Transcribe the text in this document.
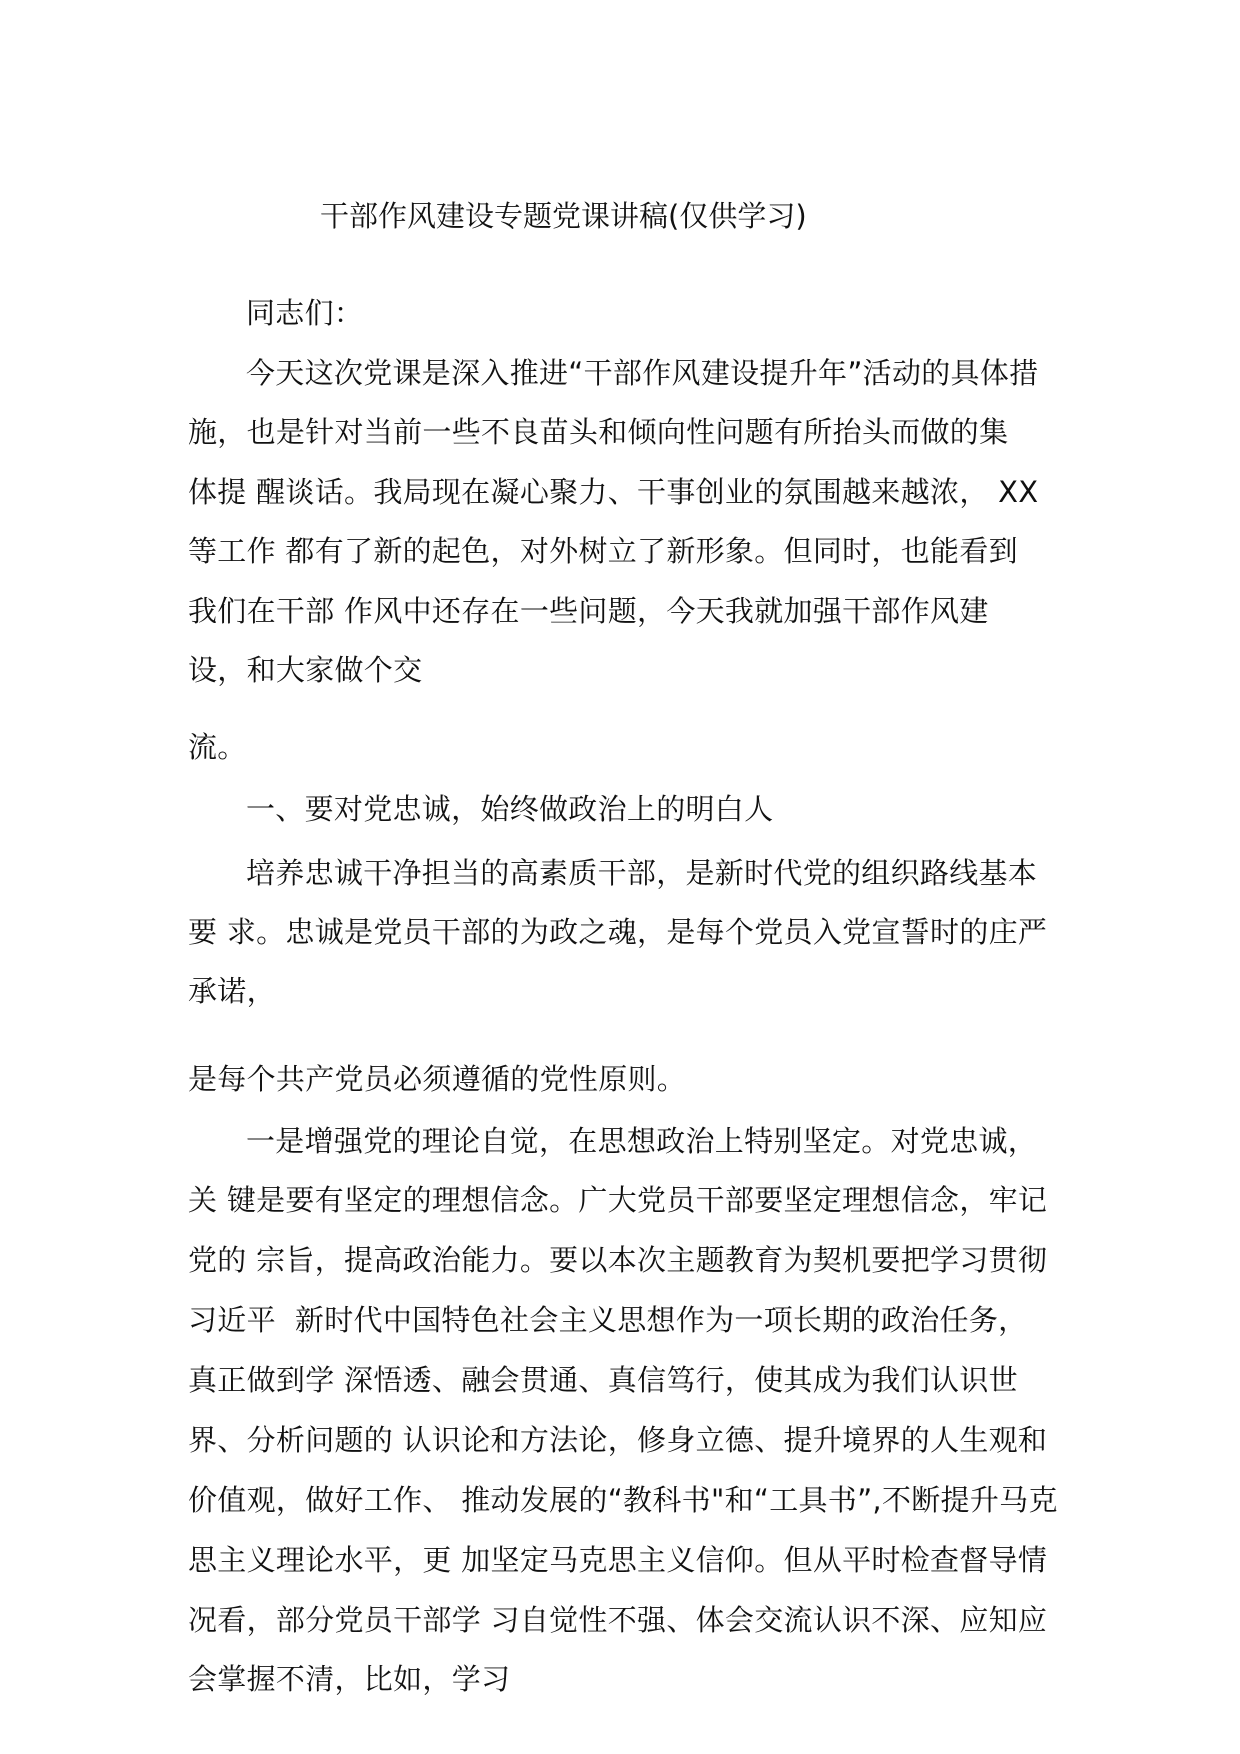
干部作风建设专题党课讲稿(仅供学习)
同志们：
今天这次党课是深入推进“干部作风建设提升年”活动的具体措
施，也是针对当前一些不良苗头和倾向性问题有所抬头而做的集
体提 醒谈话。我局现在凝心聚力、干事创业的氛围越来越浓， XX
等工作 都有了新的起色，对外树立了新形象。但同时，也能看到
我们在干部 作风中还存在一些问题，今天我就加强干部作风建
设，和大家做个交
流。
一、要对党忠诚，始终做政治上的明白人
培养忠诚干净担当的高素质干部，是新时代党的组织路线基本
要 求。忠诚是党员干部的为政之魂，是每个党员入党宣誓时的庄严
承诺，
是每个共产党员必须遵循的党性原则。
一是增强党的理论自觉，在思想政治上特别坚定。对党忠诚，
关 键是要有坚定的理想信念。广大党员干部要坚定理想信念，牢记
党的 宗旨，提高政治能力。要以本次主题教育为契机要把学习贯彻
习近平  新时代中国特色社会主义思想作为一项长期的政治任务，
真正做到学 深悟透、融会贯通、真信笃行，使其成为我们认识世
界、分析问题的 认识论和方法论，修身立德、提升境界的人生观和
价值观，做好工作、 推动发展的“教科书"和“工具书”,不断提升马克
思主义理论水平，更 加坚定马克思主义信仰。但从平时检查督导情
况看，部分党员干部学 习自觉性不强、体会交流认识不深、应知应
会掌握不清，比如，学习
